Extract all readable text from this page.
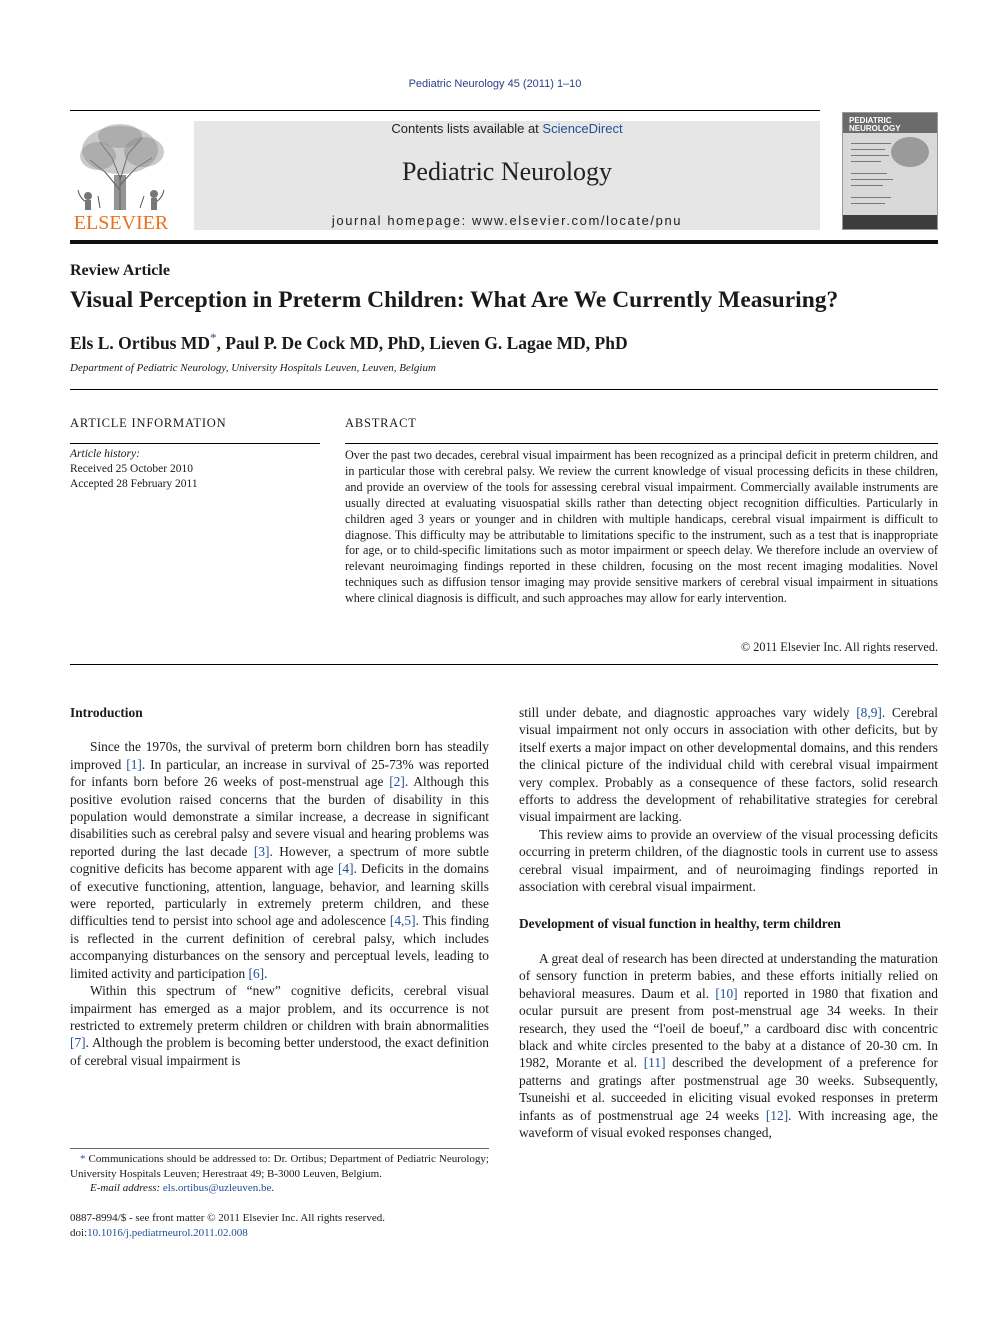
Pediatric Neurology 45 (2011) 1–10
ELSEVIER
Contents lists available at ScienceDirect
Pediatric Neurology
journal homepage: www.elsevier.com/locate/pnu
PEDIATRIC
NEUROLOGY
Review Article
Visual Perception in Preterm Children: What Are We Currently Measuring?
Els L. Ortibus MD*, Paul P. De Cock MD, PhD, Lieven G. Lagae MD, PhD
Department of Pediatric Neurology, University Hospitals Leuven, Leuven, Belgium
ARTICLE INFORMATION
Article history:
Received 25 October 2010
Accepted 28 February 2011
ABSTRACT
Over the past two decades, cerebral visual impairment has been recognized as a principal deficit in preterm children, and in particular those with cerebral palsy. We review the current knowledge of visual processing deficits in these children, and provide an overview of the tools for assessing cerebral visual impairment. Commercially available instruments are usually directed at evaluating visuospatial skills rather than detecting object recognition difficulties. Particularly in children aged 3 years or younger and in children with multiple handicaps, cerebral visual impairment is difficult to diagnose. This difficulty may be attributable to limitations specific to the instrument, such as a test that is inappropriate for age, or to child-specific limitations such as motor impairment or speech delay. We therefore include an overview of relevant neuroimaging findings reported in these children, focusing on the most recent imaging modalities. Novel techniques such as diffusion tensor imaging may provide sensitive markers of cerebral visual impairment in situations where clinical diagnosis is difficult, and such approaches may allow for early intervention.
© 2011 Elsevier Inc. All rights reserved.
Introduction

Since the 1970s, the survival of preterm born children born has steadily improved [1]. In particular, an increase in survival of 25-73% was reported for infants born before 26 weeks of post-menstrual age [2]. Although this positive evolution raised concerns that the burden of disability in this population would demonstrate a similar increase, a decrease in significant disabilities such as cerebral palsy and severe visual and hearing problems was reported during the last decade [3]. However, a spectrum of more subtle cognitive deficits has become apparent with age [4]. Deficits in the domains of executive functioning, attention, language, behavior, and learning skills were reported, particularly in extremely preterm children, and these difficulties tend to persist into school age and adolescence [4,5]. This finding is reflected in the current definition of cerebral palsy, which includes accompanying disturbances on the sensory and perceptual levels, leading to limited activity and participation [6].

Within this spectrum of “new” cognitive deficits, cerebral visual impairment has emerged as a major problem, and its occurrence is not restricted to extremely preterm children or children with brain abnormalities [7]. Although the problem is becoming better understood, the exact definition of cerebral visual impairment is

still under debate, and diagnostic approaches vary widely [8,9]. Cerebral visual impairment not only occurs in association with other deficits, but by itself exerts a major impact on other developmental domains, and this renders the clinical picture of the individual child with cerebral visual impairment very complex. Probably as a consequence of these factors, solid research efforts to address the development of rehabilitative strategies for cerebral visual impairment are lacking.

This review aims to provide an overview of the visual processing deficits occurring in preterm children, of the diagnostic tools in current use to assess cerebral visual impairment, and of neuroimaging findings reported in association with cerebral visual impairment.

Development of visual function in healthy, term children

A great deal of research has been directed at understanding the maturation of sensory function in preterm babies, and these efforts initially relied on behavioral measures. Daum et al. [10] reported in 1980 that fixation and ocular pursuit are present from post-menstrual age 34 weeks. In their research, they used the “l'oeil de boeuf,” a cardboard disc with concentric black and white circles presented to the baby at a distance of 20-30 cm. In 1982, Morante et al. [11] described the development of a preference for patterns and gratings after postmenstrual age 30 weeks. Subsequently, Tsuneishi et al. succeeded in eliciting visual evoked responses in preterm infants as of postmenstrual age 24 weeks [12]. With increasing age, the waveform of visual evoked responses changed,

* Communications should be addressed to: Dr. Ortibus; Department of Pediatric Neurology; University Hospitals Leuven; Herestraat 49; B-3000 Leuven, Belgium.
E-mail address: els.ortibus@uzleuven.be.
0887-8994/$ - see front matter © 2011 Elsevier Inc. All rights reserved.
doi:10.1016/j.pediatrneurol.2011.02.008
